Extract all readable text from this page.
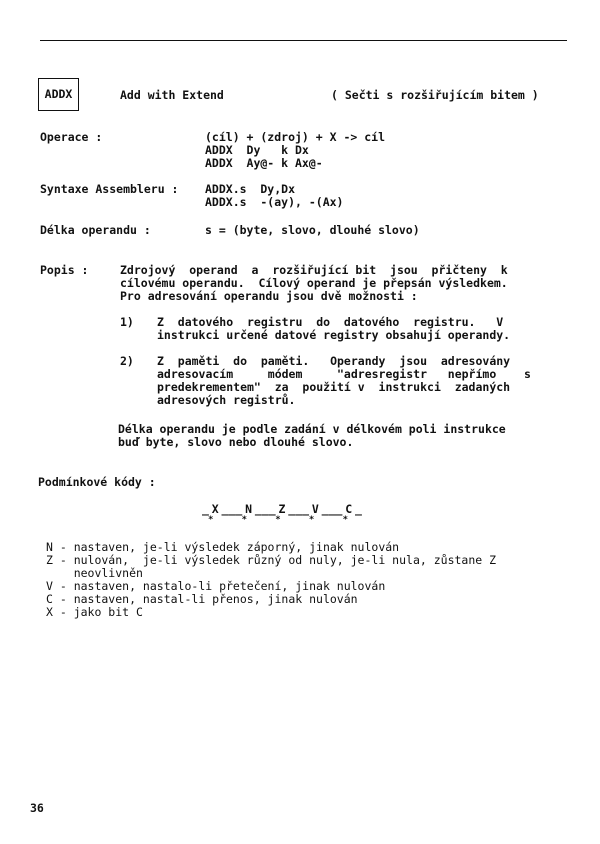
ADDX	Add with Extend	( Sečti s rozšiřujícím bitem )
Operace :	(cíl) + (zdroj) + X -> cíl
ADDX  Dy   k Dx
ADDX  Ay@- k Ax@-
Syntaxe Assembleru : ADDX.s  Dy,Dx
ADDX.s  -(ay), -(Ax)
Délka operandu :	s = (byte, slovo, dlouhé slovo)
Popis :	Zdrojový  operand  a  rozšiřující bit  jsou  přičteny  k
cílovému operandu.  Cílový operand je přepsán výsledkem.
Pro adresování operandu jsou dvě možnosti :
1) Z  datového  registru  do  datového  registru.   V
instrukci určené datové registry obsahují operandy.
2) Z  paměti  do  paměti.   Operandy  jsou  adresovány
adresovacím     módem     "adresregistr   nepřímo    s
predekrementem"  za  použití v  instrukci  zadaných
adresových registrů.
Délka operandu je podle zadání v délkovém poli instrukce
buď byte, slovo nebo dlouhé slovo.
Podmínkové kódy :
_ X ___ N ___ Z ___ V ___ C _
*	*	*	*	*
N - nastaven, je-li výsledek záporný, jinak nulován
Z - nulován,  je-li výsledek různý od nuly, je-li nula, zůstane Z
neovlivněn
V - nastaven, nastalo-li přetečení, jinak nulován
C - nastaven, nastal-li přenos, jinak nulován
X - jako bit C
36
